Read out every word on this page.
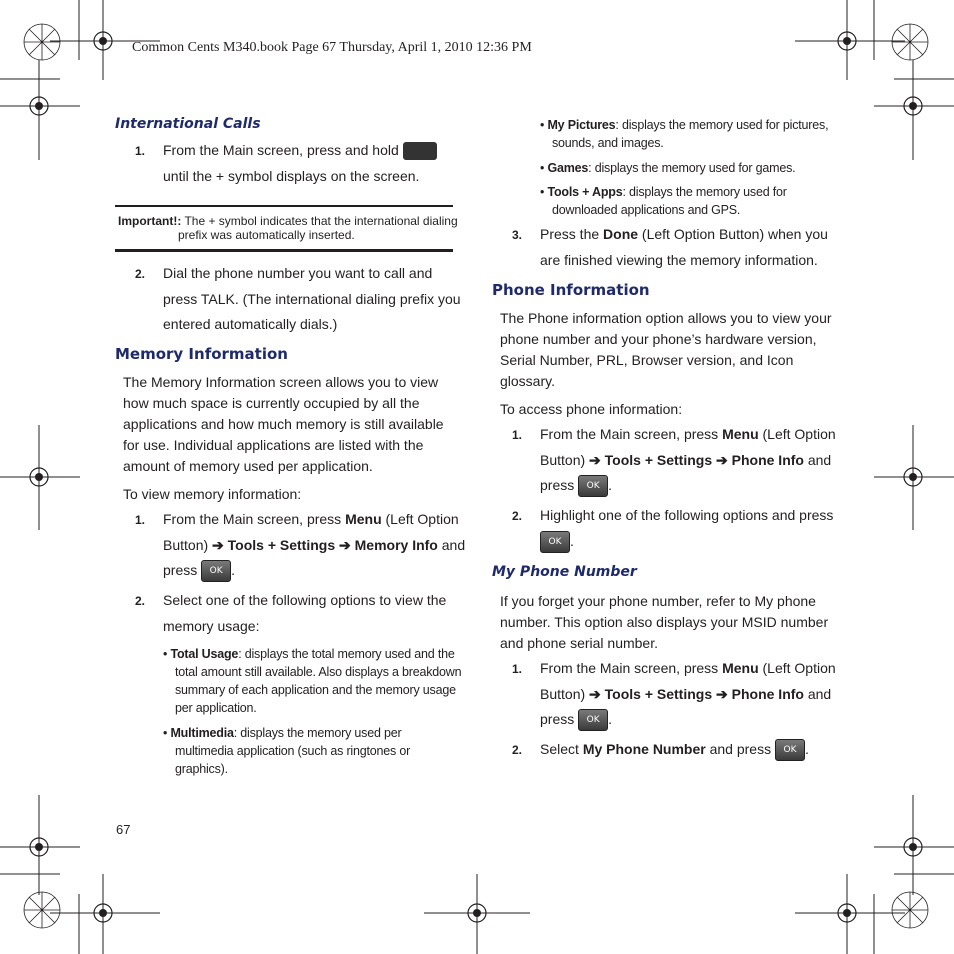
Common Cents M340.book Page 67 Thursday, April 1, 2010 12:36 PM
International Calls
1. From the Main screen, press and hold
until the + symbol displays on the screen.
Important!: The + symbol indicates that the international dialing
prefix was automatically inserted.
2. Dial the phone number you want to call and
press TALK. (The international dialing prefix you
entered automatically dials.)
Memory Information
The Memory Information screen allows you to view
how much space is currently occupied by all the
applications and how much memory is still available
for use. Individual applications are listed with the
amount of memory used per application.
To view memory information:
1. From the Main screen, press Menu (Left Option
Button) ➔ Tools + Settings ➔ Memory Info and
press OK .
2. Select one of the following options to view the
memory usage:
• Total Usage: displays the total memory used and the
total amount still available. Also displays a breakdown
summary of each application and the memory usage
per application.
• Multimedia: displays the memory used per
multimedia application (such as ringtones or
graphics).
67
• My Pictures: displays the memory used for pictures,
sounds, and images.
• Games: displays the memory used for games.
• Tools + Apps: displays the memory used for
downloaded applications and GPS.
3. Press the Done (Left Option Button) when you
are finished viewing the memory information.
Phone Information
The Phone information option allows you to view your
phone number and your phone’s hardware version,
Serial Number, PRL, Browser version, and Icon
glossary.
To access phone information:
1. From the Main screen, press Menu (Left Option
Button) ➔ Tools + Settings ➔ Phone Info and
press OK .
2. Highlight one of the following options and press
OK .
My Phone Number
If you forget your phone number, refer to My phone
number. This option also displays your MSID number
and phone serial number.
1. From the Main screen, press Menu (Left Option
Button) ➔ Tools + Settings ➔ Phone Info and
press OK .
2. Select My Phone Number and press OK .
